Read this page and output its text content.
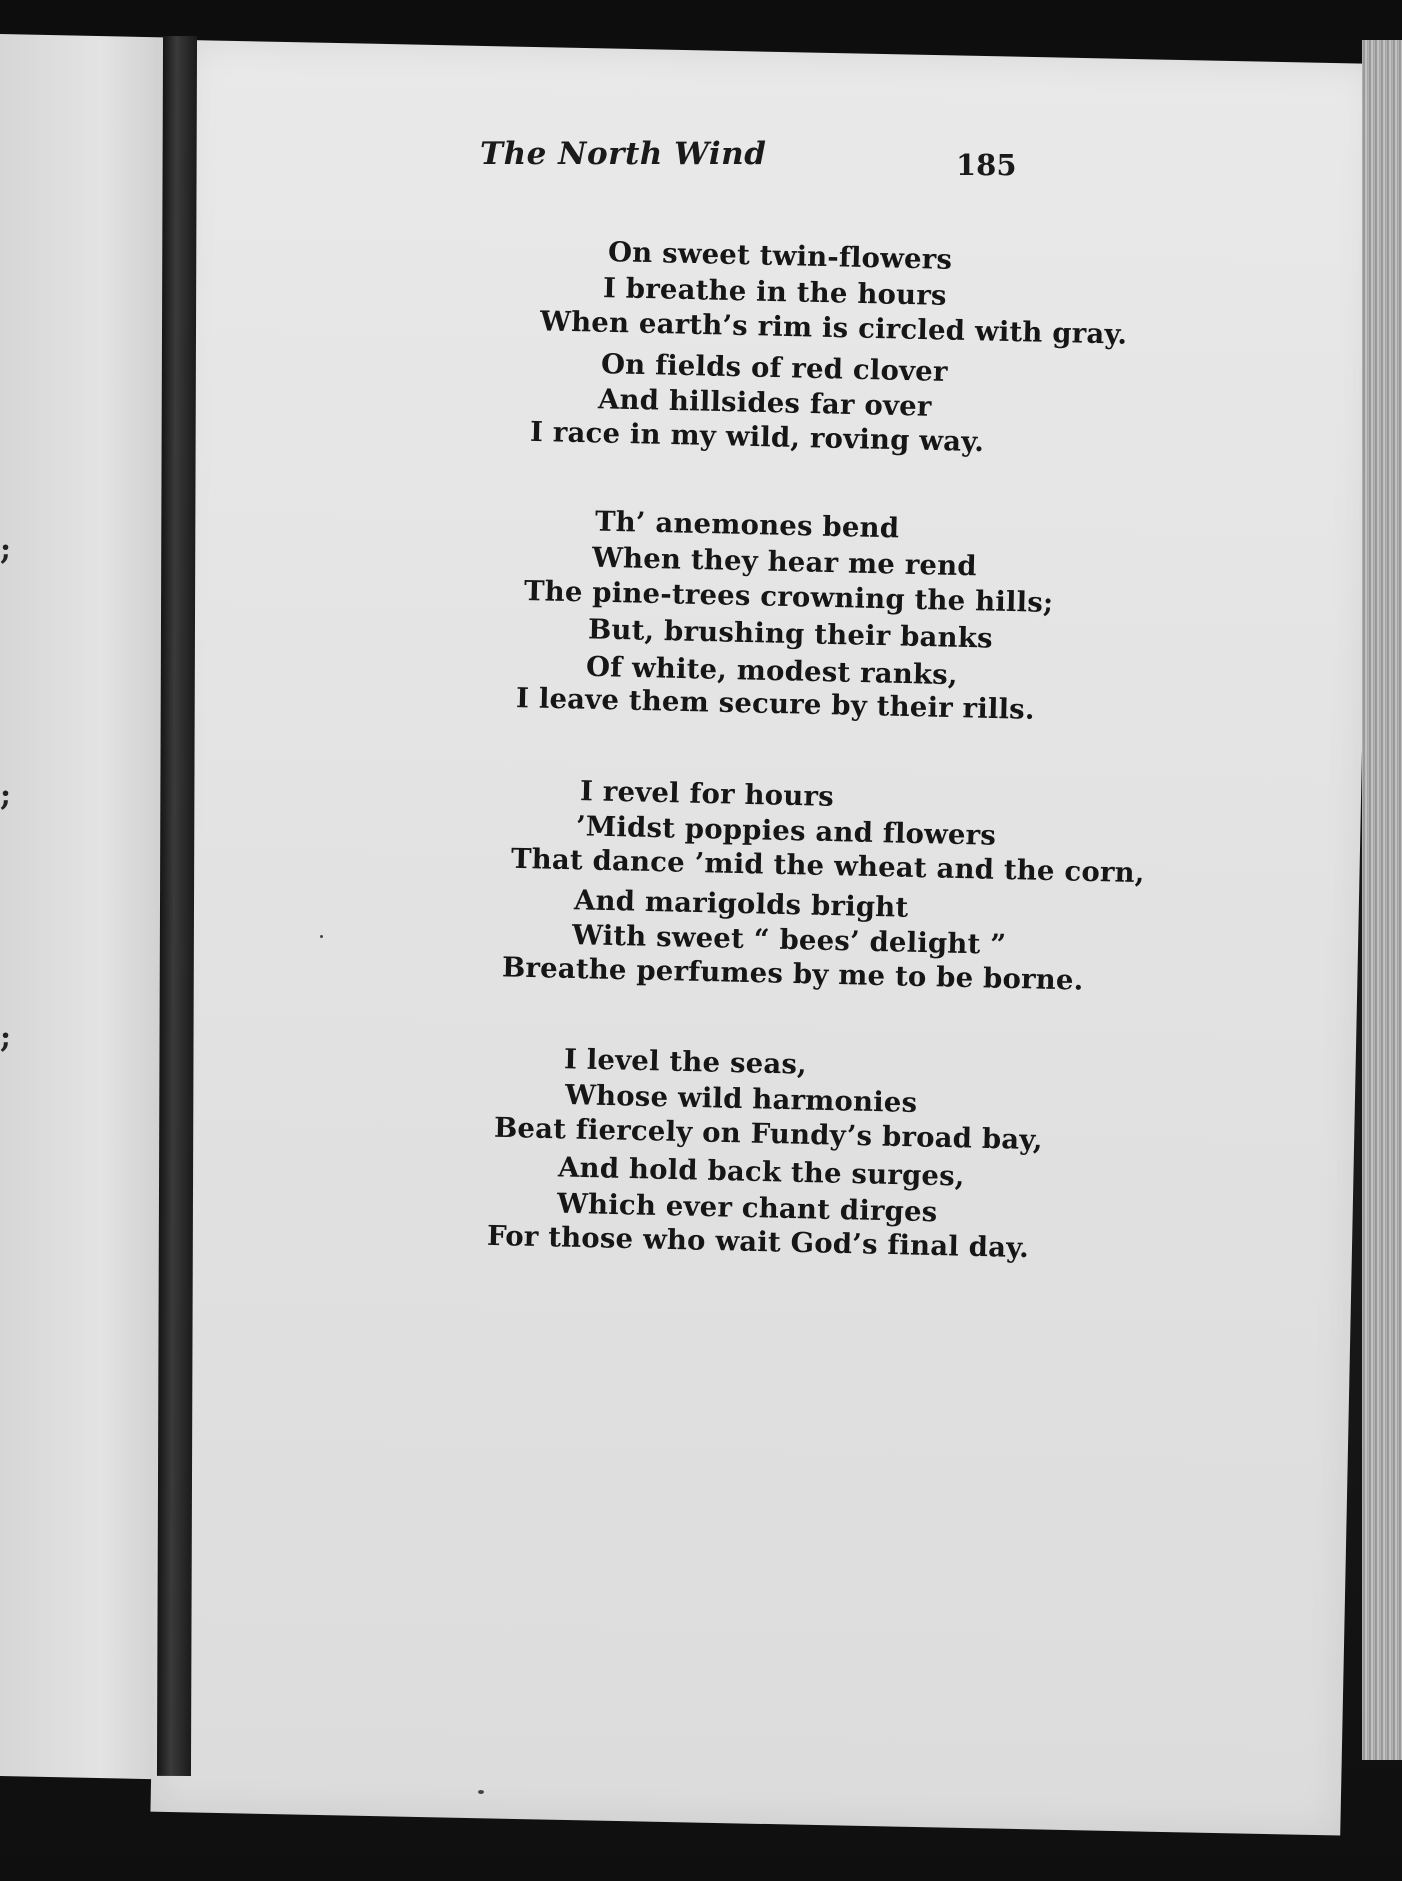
;
;
;
The North Wind	185
On sweet twin-flowers
I breathe in the hours
When earth’s rim is circled with gray.
On fields of red clover
And hillsides far over
I race in my wild, roving way.
Th’ anemones bend
When they hear me rend
The pine-trees crowning the hills;
But, brushing their banks
Of white, modest ranks,
I leave them secure by their rills.
I revel for hours
’Midst poppies and flowers
That dance ’mid the wheat and the corn,
And marigolds bright
With sweet “ bees’ delight ”
Breathe perfumes by me to be borne.
I level the seas,
Whose wild harmonies
Beat fiercely on Fundy’s broad bay,
And hold back the surges,
Which ever chant dirges
For those who wait God’s final day.
